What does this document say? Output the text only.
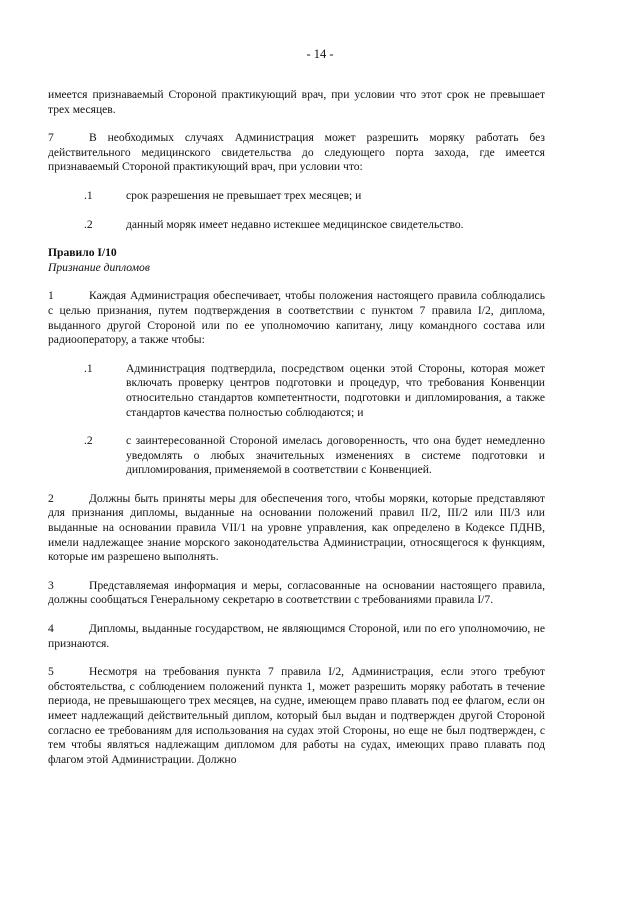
- 14 -

имеется признаваемый Стороной практикующий врач, при условии что этот срок не превышает трех месяцев.

7	В необходимых случаях Администрация может разрешить моряку работать без действительного медицинского свидетельства до следующего порта захода, где имеется признаваемый Стороной практикующий врач, при условии что:

.1	срок разрешения не превышает трех месяцев; и
.2	данный моряк имеет недавно истекшее медицинское свидетельство.

Правило I/10

Признание дипломов

1	Каждая Администрация обеспечивает, чтобы положения настоящего правила соблюдались с целью признания, путем подтверждения в соответствии с пунктом 7 правила I/2, диплома, выданного другой Стороной или по ее уполномочию капитану, лицу командного состава или радиооператору, а также чтобы:

.1	Администрация подтвердила, посредством оценки этой Стороны, которая может включать проверку центров подготовки и процедур, что требования Конвенции относительно стандартов компетентности, подготовки и дипломирования, а также стандартов качества полностью соблюдаются; и
.2	с заинтересованной Стороной имелась договоренность, что она будет немедленно уведомлять о любых значительных изменениях в системе подготовки и дипломирования, применяемой в соответствии с Конвенцией.

2	Должны быть приняты меры для обеспечения того, чтобы моряки, которые представляют для признания дипломы, выданные на основании положений правил II/2, III/2 или III/3 или выданные на основании правила VII/1 на уровне управления, как определено в Кодексе ПДНВ, имели надлежащее знание морского законодательства Администрации, относящегося к функциям, которые им разрешено выполнять.

3	Представляемая информация и меры, согласованные на основании настоящего правила, должны сообщаться Генеральному секретарю в соответствии с требованиями правила I/7.

4	Дипломы, выданные государством, не являющимся Стороной, или по его уполномочию, не признаются.

5	Несмотря на требования пункта 7 правила I/2, Администрация, если этого требуют обстоятельства, с соблюдением положений пункта 1, может разрешить моряку работать в течение периода, не превышающего трех месяцев, на судне, имеющем право плавать под ее флагом, если он имеет надлежащий действительный диплом, который был выдан и подтвержден другой Стороной согласно ее требованиям для использования на судах этой Стороны, но еще не был подтвержден, с тем чтобы являться надлежащим дипломом для работы на судах, имеющих право плавать под флагом этой Администрации. Должно
